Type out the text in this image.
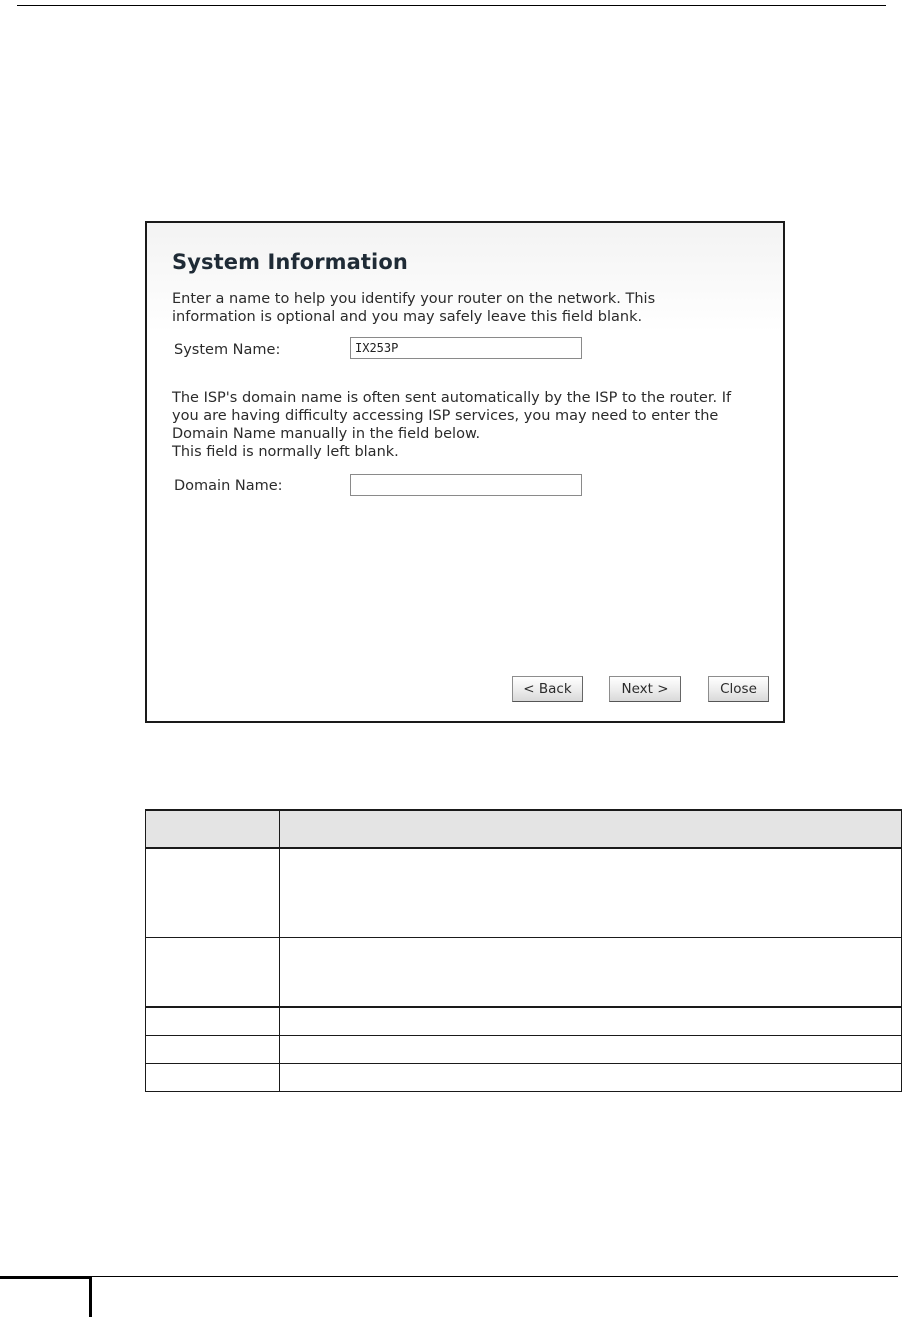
System Information
Enter a name to help you identify your router on the network. This
information is optional and you may safely leave this field blank.
System Name:
IX253P
The ISP's domain name is often sent automatically by the ISP to the router. If
you are having difficulty accessing ISP services, you may need to enter the
Domain Name manually in the field below.
This field is normally left blank.
Domain Name:
< Back	Next >	Close
